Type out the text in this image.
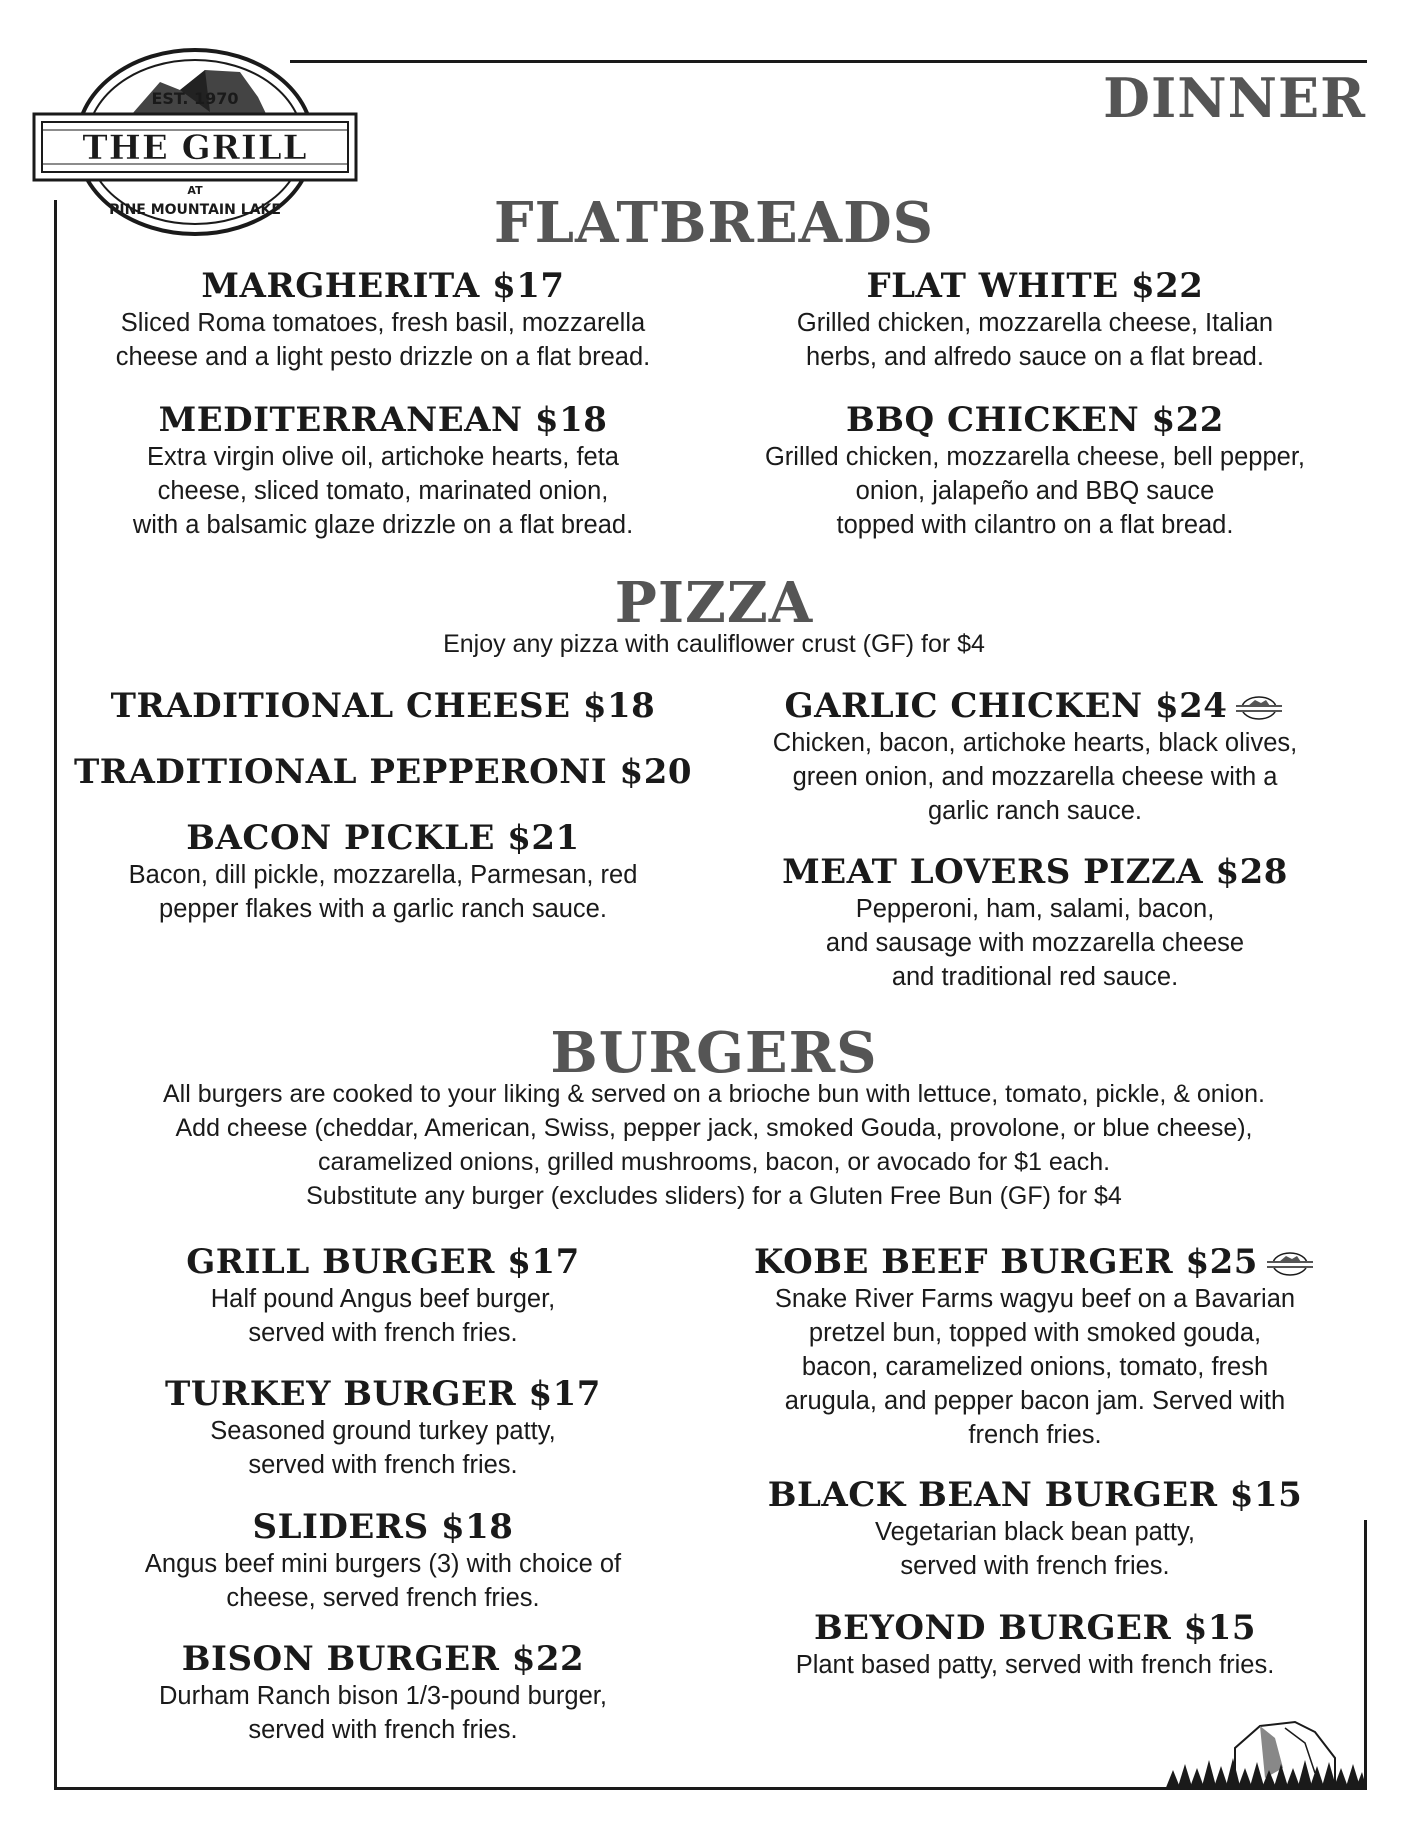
EST. 1970
THE GRILL
AT
PINE MOUNTAIN LAKE
DINNER
FLATBREADS
MARGHERITA $17
Sliced Roma tomatoes, fresh basil, mozzarella
cheese and a light pesto drizzle on a flat bread.
FLAT WHITE $22
Grilled chicken, mozzarella cheese, Italian
herbs, and alfredo sauce on a flat bread.
MEDITERRANEAN $18
Extra virgin olive oil, artichoke hearts, feta
cheese, sliced tomato, marinated onion,
with a balsamic glaze drizzle on a flat bread.
BBQ CHICKEN $22
Grilled chicken, mozzarella cheese, bell pepper,
onion, jalapeño and BBQ sauce
topped with cilantro on a flat bread.
PIZZA
Enjoy any pizza with cauliflower crust (GF) for $4
TRADITIONAL CHEESE $18
TRADITIONAL PEPPERONI $20
BACON PICKLE $21
Bacon, dill pickle, mozzarella, Parmesan, red
pepper flakes with a garlic ranch sauce.
GARLIC CHICKEN $24
Chicken, bacon, artichoke hearts, black olives,
green onion, and mozzarella cheese with a
garlic ranch sauce.
MEAT LOVERS PIZZA $28
Pepperoni, ham, salami, bacon,
and sausage with mozzarella cheese
and traditional red sauce.
BURGERS
All burgers are cooked to your liking & served on a brioche bun with lettuce, tomato, pickle, & onion.
Add cheese (cheddar, American, Swiss, pepper jack, smoked Gouda, provolone, or blue cheese),
caramelized onions, grilled mushrooms, bacon, or avocado for $1 each.
Substitute any burger (excludes sliders) for a Gluten Free Bun (GF) for $4
GRILL BURGER $17
Half pound Angus beef burger,
served with french fries.
TURKEY BURGER $17
Seasoned ground turkey patty,
served with french fries.
SLIDERS $18
Angus beef mini burgers (3) with choice of
cheese, served french fries.
BISON BURGER $22
Durham Ranch bison 1/3-pound burger,
served with french fries.
KOBE BEEF BURGER $25
Snake River Farms wagyu beef on a Bavarian
pretzel bun, topped with smoked gouda,
bacon, caramelized onions, tomato, fresh
arugula, and pepper bacon jam. Served with
french fries.
BLACK BEAN BURGER $15
Vegetarian black bean patty,
served with french fries.
BEYOND BURGER $15
Plant based patty, served with french fries.
